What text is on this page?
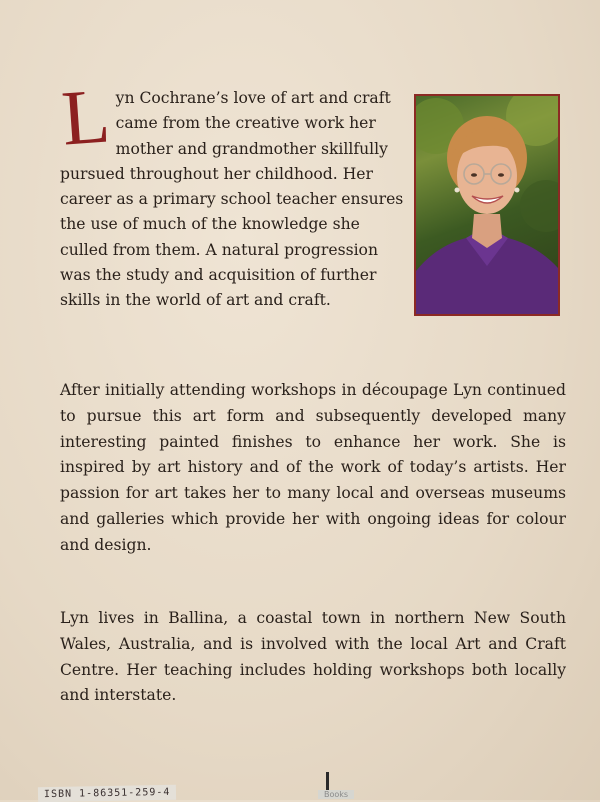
L yn Cochrane’s love of art and craft came from the creative work her mother and grandmother skillfully pursued throughout her childhood. Her career as a primary school teacher ensures the use of much of the knowledge she culled from them. A natural progression was the study and acquisition of further skills in the world of art and craft.
After initially attending workshops in découpage Lyn continued to pursue this art form and subsequently developed many interesting painted finishes to enhance her work. She is inspired by art history and of the work of today’s artists. Her passion for art takes her to many local and overseas museums and galleries which provide her with ongoing ideas for colour and design.
Lyn lives in Ballina, a coastal town in northern New South Wales, Australia, and is involved with the local Art and Craft Centre. Her teaching includes holding workshops both locally and interstate.
ISBN 1-86351-259-4	Books
